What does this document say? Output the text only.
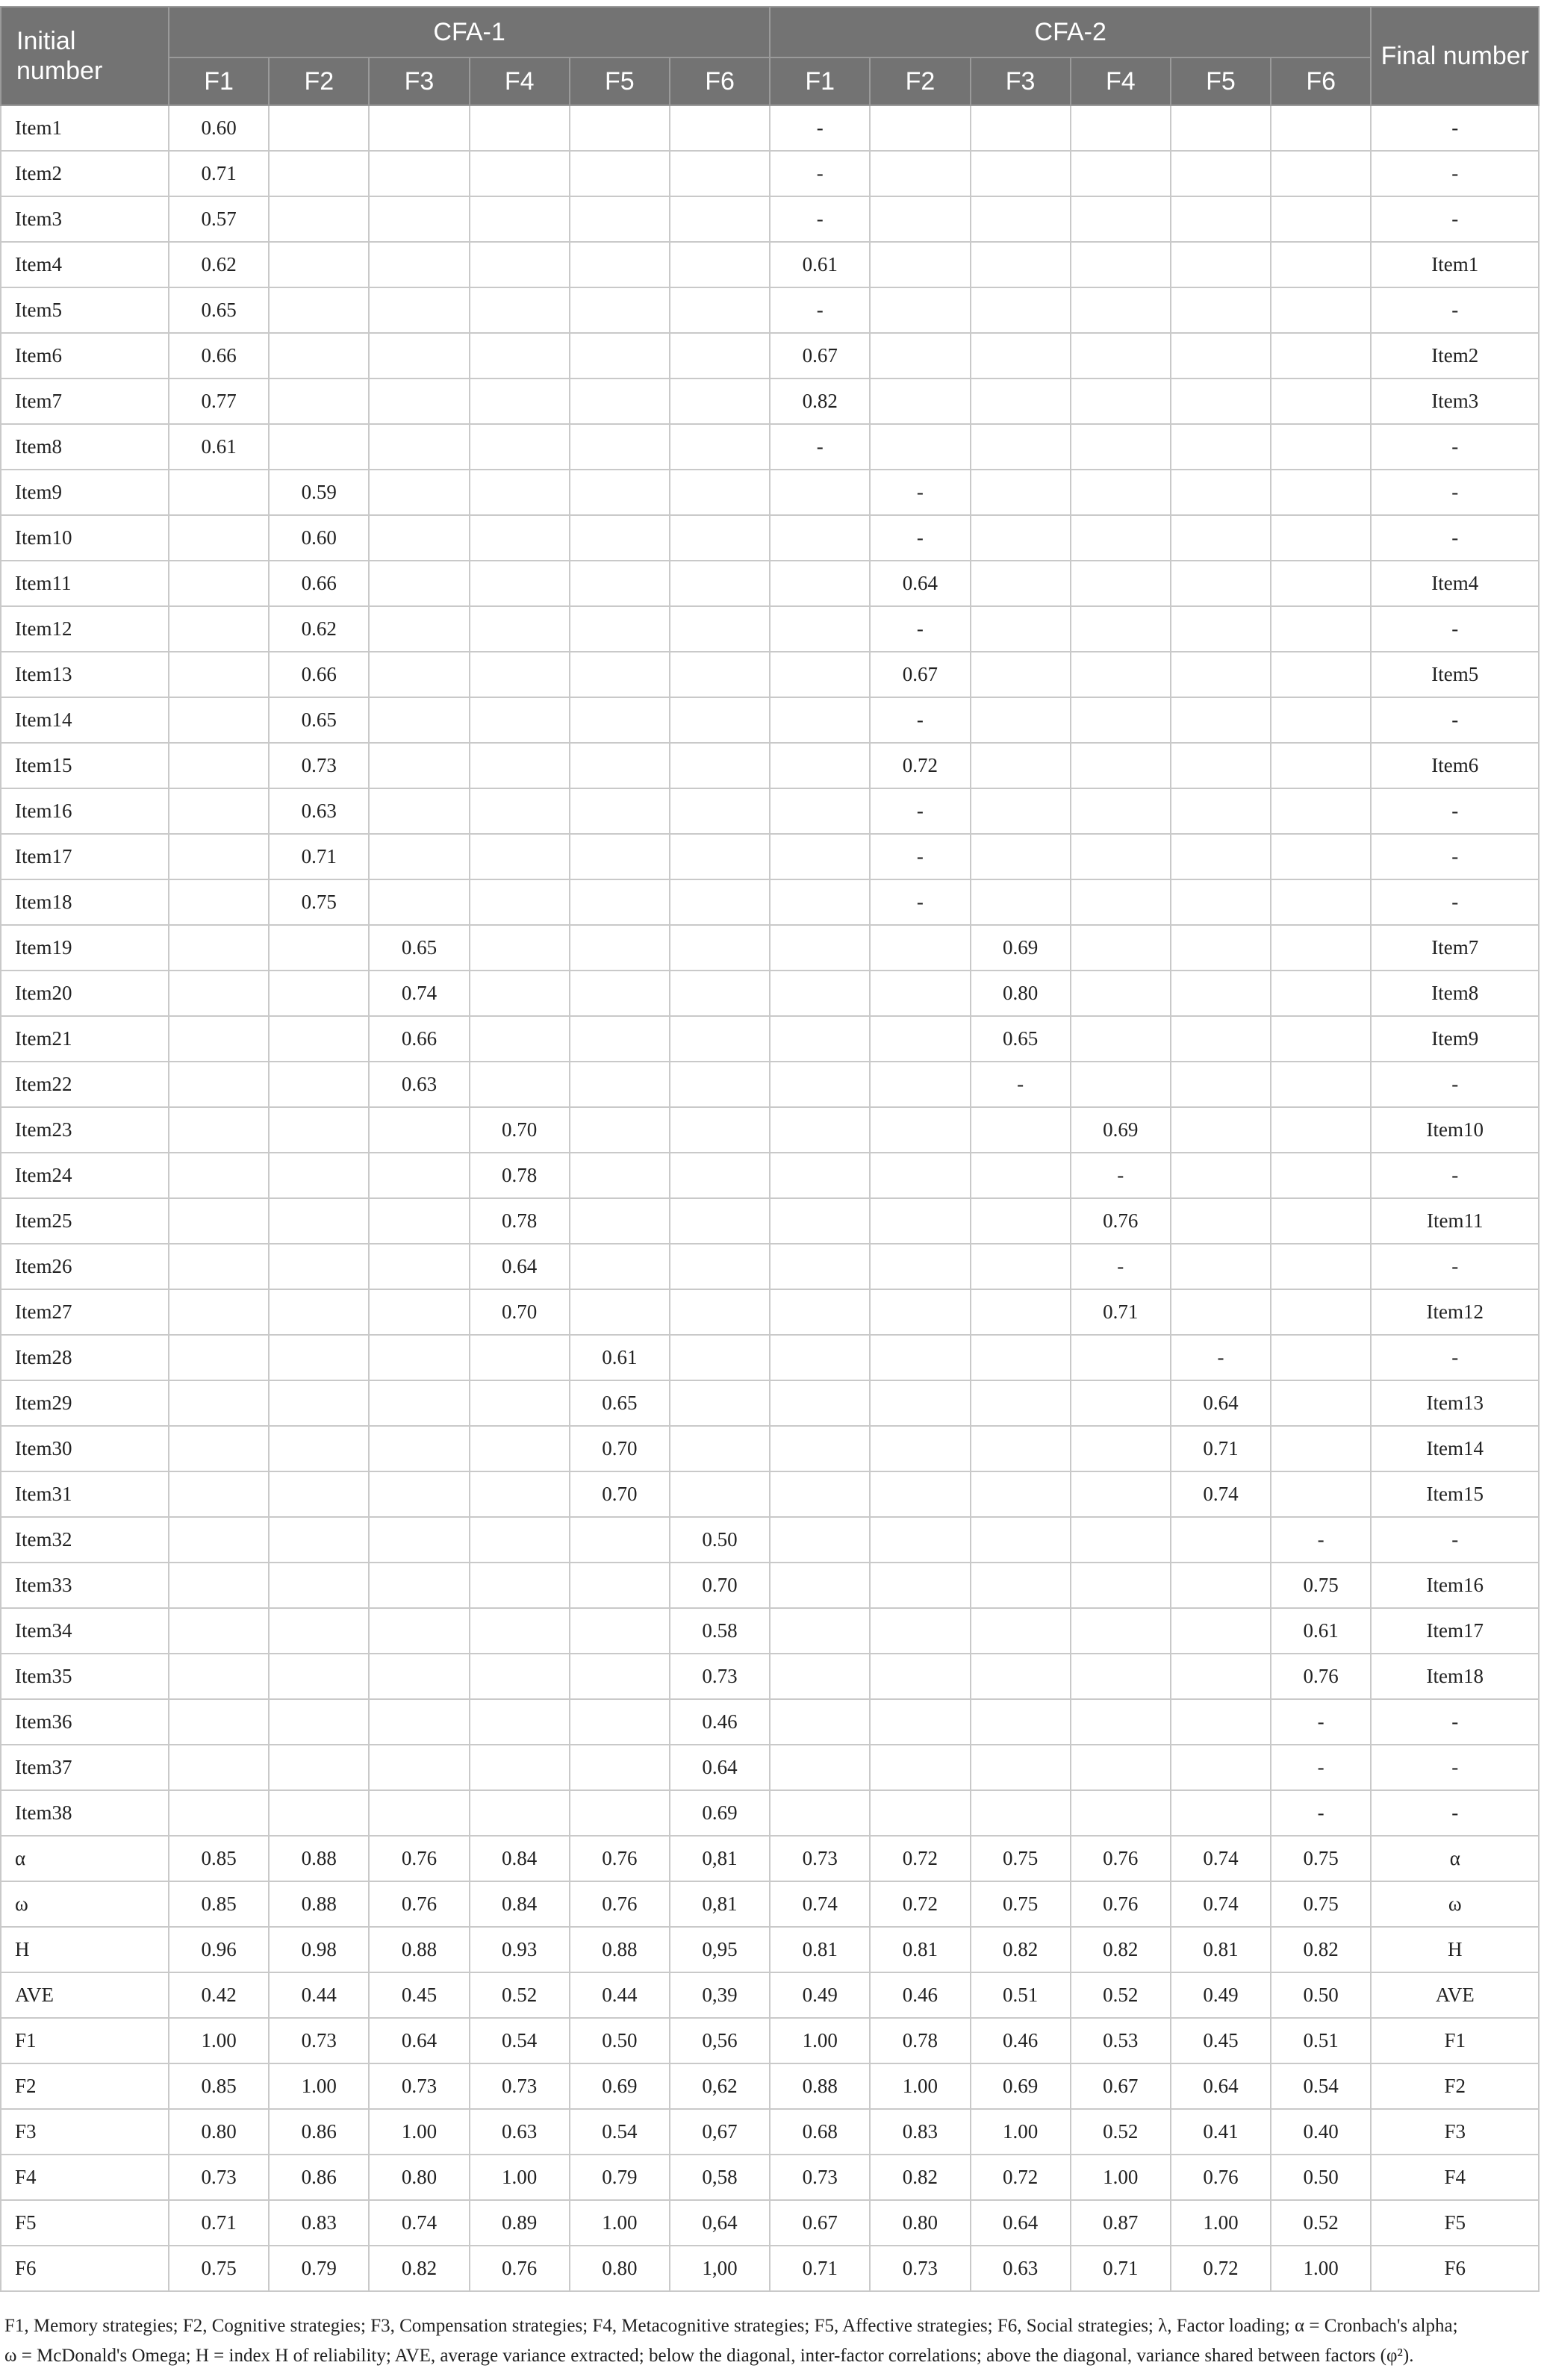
Initial number	CFA-1						CFA-2						Final number
	F1	F2	F3	F4	F5	F6	F1	F2	F3	F4	F5	F6	
Item1	0.60						-						-
Item2	0.71						-						-
Item3	0.57						-						-
Item4	0.62						0.61						Item1
Item5	0.65						-						-
Item6	0.66						0.67						Item2
Item7	0.77						0.82						Item3
Item8	0.61						-						-
Item9		0.59						-					-
Item10		0.60						-					-
Item11		0.66						0.64					Item4
Item12		0.62						-					-
Item13		0.66						0.67					Item5
Item14		0.65						-					-
Item15		0.73						0.72					Item6
Item16		0.63						-					-
Item17		0.71						-					-
Item18		0.75						-					-
Item19			0.65						0.69				Item7
Item20			0.74						0.80				Item8
Item21			0.66						0.65				Item9
Item22			0.63						-				-
Item23				0.70						0.69			Item10
Item24				0.78						-			-
Item25				0.78						0.76			Item11
Item26				0.64						-			-
Item27				0.70						0.71			Item12
Item28					0.61						-		-
Item29					0.65						0.64		Item13
Item30					0.70						0.71		Item14
Item31					0.70						0.74		Item15
Item32						0.50						-	-
Item33						0.70						0.75	Item16
Item34						0.58						0.61	Item17
Item35						0.73						0.76	Item18
Item36						0.46						-	-
Item37						0.64						-	-
Item38						0.69						-	-
α	0.85	0.88	0.76	0.84	0.76	0,81	0.73	0.72	0.75	0.76	0.74	0.75	α
ω	0.85	0.88	0.76	0.84	0.76	0,81	0.74	0.72	0.75	0.76	0.74	0.75	ω
H	0.96	0.98	0.88	0.93	0.88	0,95	0.81	0.81	0.82	0.82	0.81	0.82	H
AVE	0.42	0.44	0.45	0.52	0.44	0,39	0.49	0.46	0.51	0.52	0.49	0.50	AVE
F1	1.00	0.73	0.64	0.54	0.50	0,56	1.00	0.78	0.46	0.53	0.45	0.51	F1
F2	0.85	1.00	0.73	0.73	0.69	0,62	0.88	1.00	0.69	0.67	0.64	0.54	F2
F3	0.80	0.86	1.00	0.63	0.54	0,67	0.68	0.83	1.00	0.52	0.41	0.40	F3
F4	0.73	0.86	0.80	1.00	0.79	0,58	0.73	0.82	0.72	1.00	0.76	0.50	F4
F5	0.71	0.83	0.74	0.89	1.00	0,64	0.67	0.80	0.64	0.87	1.00	0.52	F5
F6	0.75	0.79	0.82	0.76	0.80	1,00	0.71	0.73	0.63	0.71	0.72	1.00	F6
F1, Memory strategies; F2, Cognitive strategies; F3, Compensation strategies; F4, Metacognitive strategies; F5, Affective strategies; F6, Social strategies; λ, Factor loading; α = Cronbach's alpha;
ω = McDonald's Omega; H = index H of reliability; AVE, average variance extracted; below the diagonal, inter-factor correlations; above the diagonal, variance shared between factors (φ²).
